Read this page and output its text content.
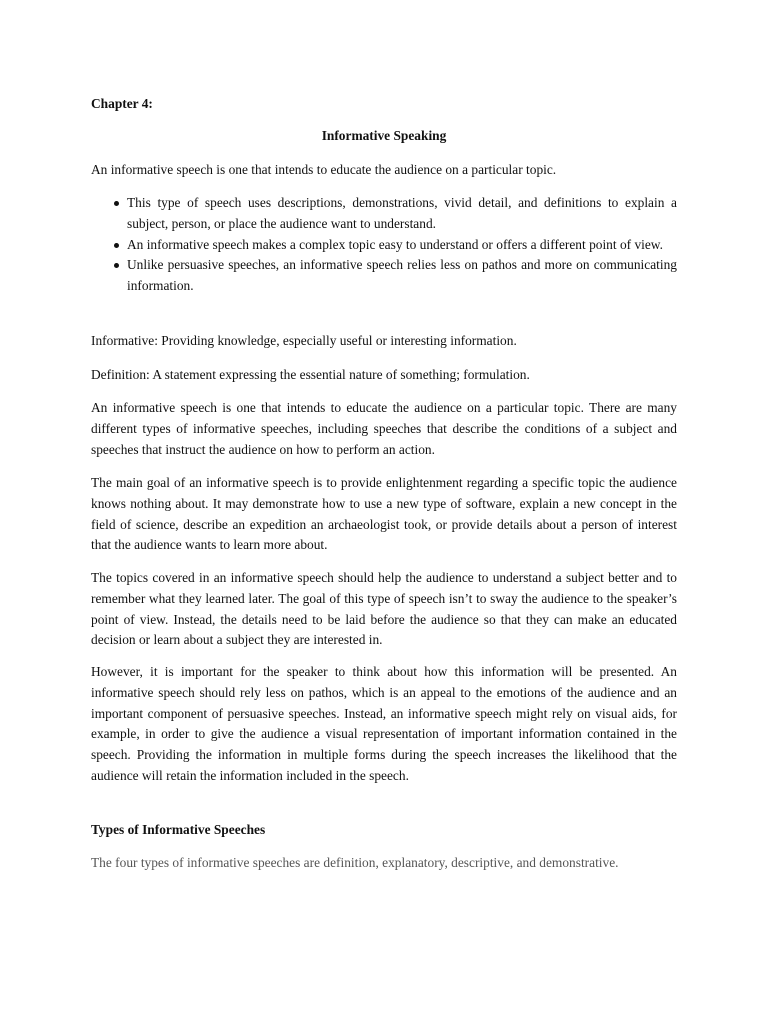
Chapter 4:
Informative Speaking

An informative speech is one that intends to educate the audience on a particular topic.

This type of speech uses descriptions, demonstrations, vivid detail, and definitions to explain a subject, person, or place the audience want to understand.
An informative speech makes a complex topic easy to understand or offers a different point of view.
Unlike persuasive speeches, an informative speech relies less on pathos and more on communicating information.

Informative: Providing knowledge, especially useful or interesting information.

Definition: A statement expressing the essential nature of something; formulation.

An informative speech is one that intends to educate the audience on a particular topic. There are many different types of informative speeches, including speeches that describe the conditions of a subject and speeches that instruct the audience on how to perform an action.

The main goal of an informative speech is to provide enlightenment regarding a specific topic the audience knows nothing about. It may demonstrate how to use a new type of software, explain a new concept in the field of science, describe an expedition an archaeologist took, or provide details about a person of interest that the audience wants to learn more about.

The topics covered in an informative speech should help the audience to understand a subject better and to remember what they learned later. The goal of this type of speech isn’t to sway the audience to the speaker’s point of view. Instead, the details need to be laid before the audience so that they can make an educated decision or learn about a subject they are interested in.

However, it is important for the speaker to think about how this information will be presented. An informative speech should rely less on pathos, which is an appeal to the emotions of the audience and an important component of persuasive speeches. Instead, an informative speech might rely on visual aids, for example, in order to give the audience a visual representation of important information contained in the speech. Providing the information in multiple forms during the speech increases the likelihood that the audience will retain the information included in the speech.

Types of Informative Speeches

The four types of informative speeches are definition, explanatory, descriptive, and demonstrative.
